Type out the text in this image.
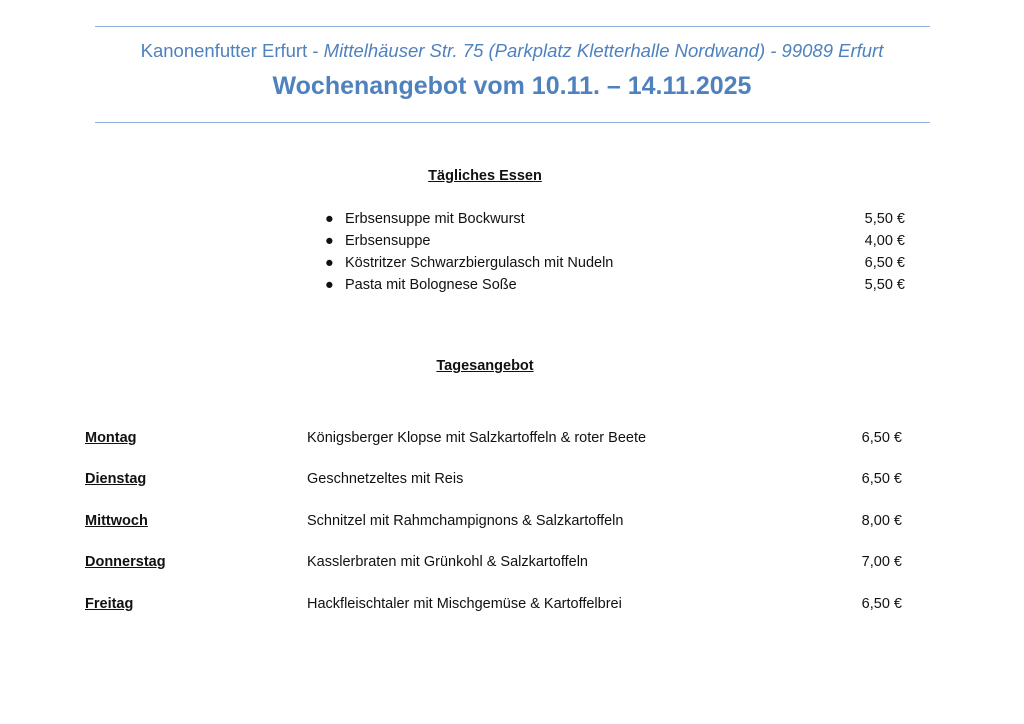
Kanonenfutter Erfurt - Mittelhäuser Str. 75 (Parkplatz Kletterhalle Nordwand) - 99089 Erfurt
Wochenangebot vom 10.11. – 14.11.2025
Tägliches Essen
● Erbsensuppe mit Bockwurst	5,50 €
● Erbsensuppe	4,00 €
● Köstritzer Schwarzbiergulasch mit Nudeln	6,50 €
● Pasta mit Bolognese Soße	5,50 €
Tagesangebot
Montag	Königsberger Klopse mit Salzkartoffeln & roter Beete	6,50 €
Dienstag	Geschnetzeltes mit Reis	6,50 €
Mittwoch	Schnitzel mit Rahmchampignons & Salzkartoffeln	8,00 €
Donnerstag	Kasslerbraten mit Grünkohl & Salzkartoffeln	7,00 €
Freitag	Hackfleischtaler mit Mischgemüse & Kartoffelbrei	6,50 €
